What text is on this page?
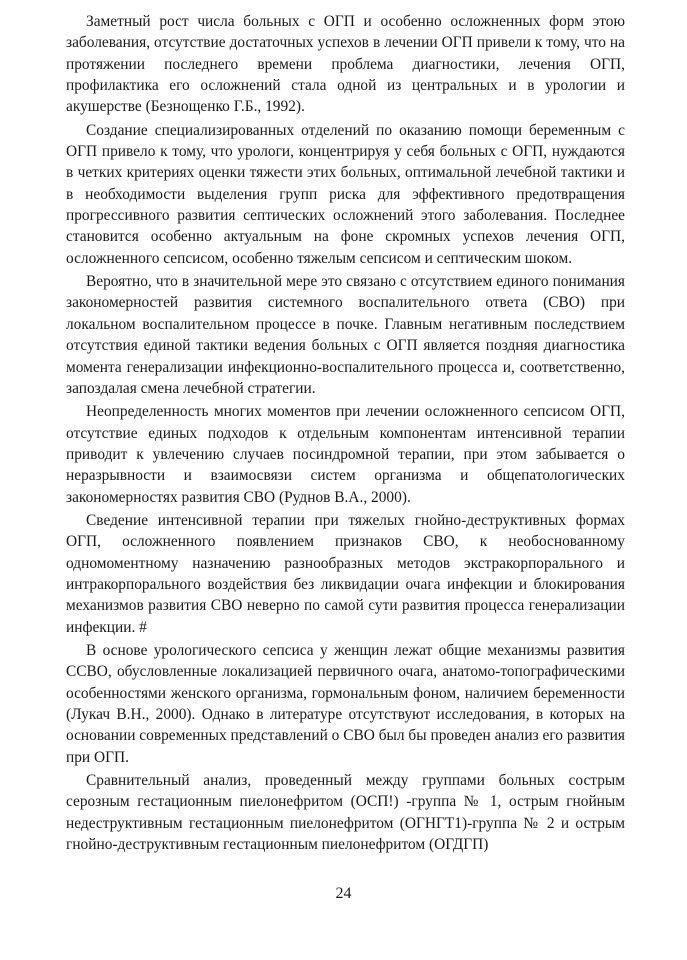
Заметный рост числа больных с ОГП и особенно осложненных форм этою заболевания, отсутствие достаточных успехов в лечении ОГП привели к тому, что на протяжении последнего времени проблема диагностики, лечения ОГП, профилактика его осложнений стала одной из центральных и в урологии и акушерстве (Безнощенко Г.Б., 1992).

Создание специализированных отделений по оказанию помощи беременным с ОГП привело к тому, что урологи, концентрируя у себя больных с ОГП, нуждаются в четких критериях оценки тяжести этих больных, оптимальной лечебной тактики и в необходимости выделения групп риска для эффективного предотвращения прогрессивного развития септических осложнений этого заболевания. Последнее становится особенно актуальным на фоне скромных успехов лечения ОГП, осложненного сепсисом, особенно тяжелым сепсисом и септическим шоком.

Вероятно, что в значительной мере это связано с отсутствием единого понимания закономерностей развития системного воспалительного ответа (СВО) при локальном воспалительном процессе в почке. Главным негативным последствием отсутствия единой тактики ведения больных с ОГП является поздняя диагностика момента генерализации инфекционно-воспалительного процесса и, соответственно, запоздалая смена лечебной стратегии.

Неопределенность многих моментов при лечении осложненного сепсисом ОГП, отсутствие единых подходов к отдельным компонентам интенсивной терапии приводит к увлечению случаев посиндромной терапии, при этом забывается о неразрывности и взаимосвязи систем организма и общепатологических закономерностях развития СВО (Руднов В.А., 2000).

Сведение интенсивной терапии при тяжелых гнойно-деструктивных формах ОГП, осложненного появлением признаков СВО, к необоснованному одномоментному назначению разнообразных методов экстракорпорального и интракорпорального воздействия без ликвидации очага инфекции и блокирования механизмов развития СВО неверно по самой сути развития процесса генерализации инфекции. #

В основе урологического сепсиса у женщин лежат общие механизмы развития ССВО, обусловленные локализацией первичного очага, анатомо-топографическими особенностями женского организма, гормональным фоном, наличием беременности (Лукач В.Н., 2000). Однако в литературе отсутствуют исследования, в которых на основании современных представлений о СВО был бы проведен анализ его развития при ОГП.

Сравнительный анализ, проведенный между группами больных сострым серозным гестационным пиелонефритом (ОСП!) -группа № 1, острым гнойным недеструктивным гестационным пиелонефритом (ОГНГТ1)-группа № 2 и острым гнойно-деструктивным гестационным пиелонефритом (ОГДГП)

24
